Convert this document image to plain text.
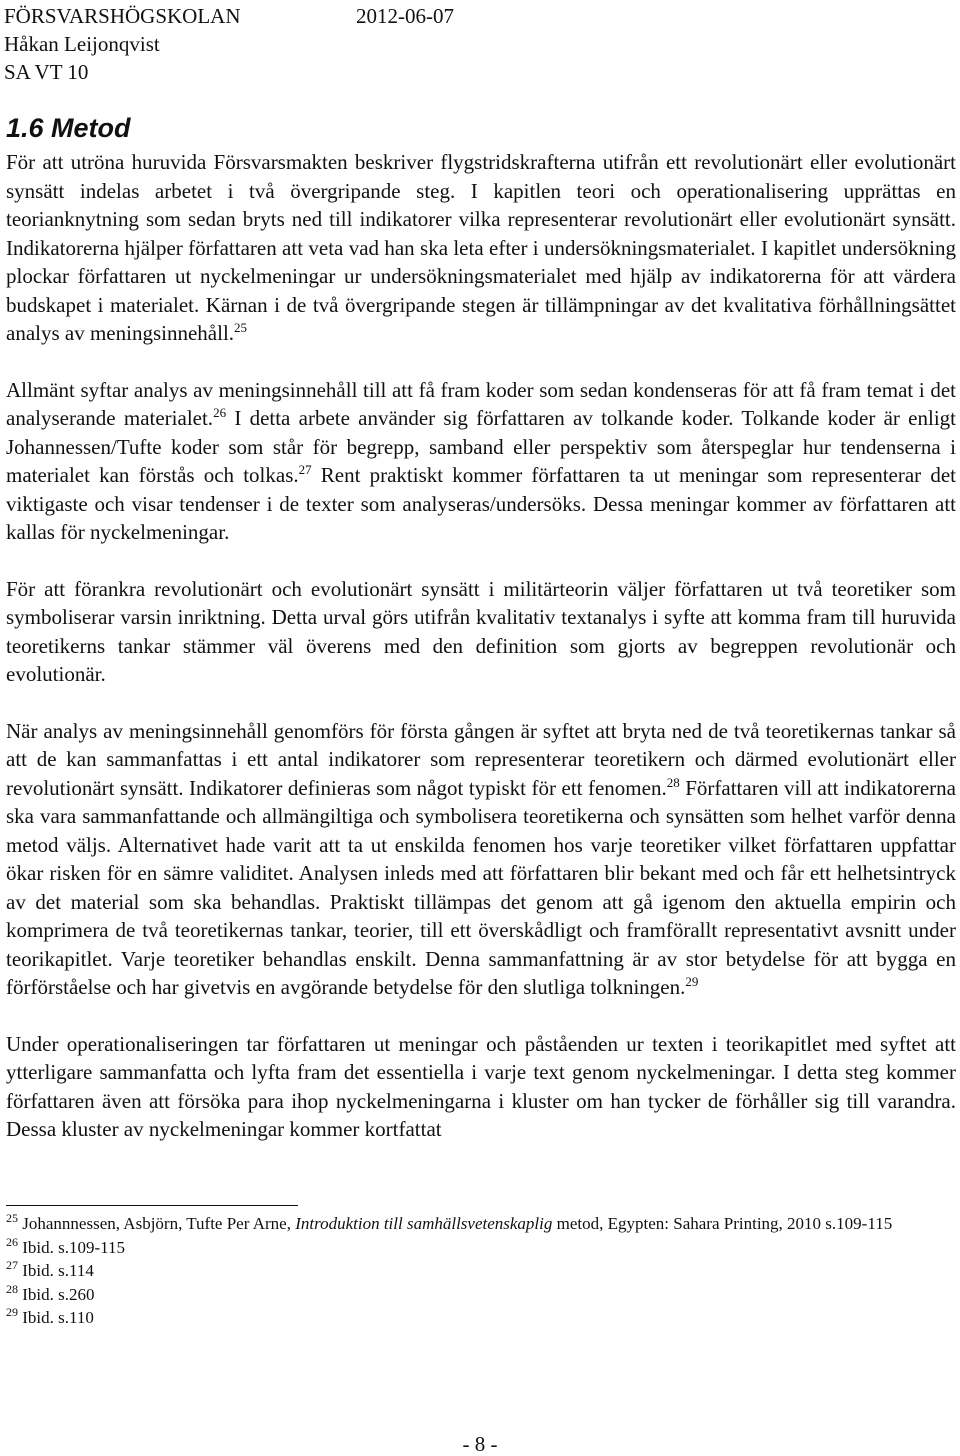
FÖRSVARSHÖGSKOLAN	2012-06-07
Håkan Leijonqvist
SA VT 10
1.6 Metod

För att utröna huruvida Försvarsmakten beskriver flygstridskrafterna utifrån ett revolutionärt eller evolutionärt synsätt indelas arbetet i två övergripande steg. I kapitlen teori och operationalisering upprättas en teorianknytning som sedan bryts ned till indikatorer vilka representerar revolutionärt eller evolutionärt synsätt. Indikatorerna hjälper författaren att veta vad han ska leta efter i undersökningsmaterialet. I kapitlet undersökning plockar författaren ut nyckelmeningar ur undersökningsmaterialet med hjälp av indikatorerna för att värdera budskapet i materialet. Kärnan i de två övergripande stegen är tillämpningar av det kvalitativa förhållningsättet analys av meningsinnehåll.$^{25}$

Allmänt syftar analys av meningsinnehåll till att få fram koder som sedan kondenseras för att få fram temat i det analyserande materialet.$^{26}$ I detta arbete använder sig författaren av tolkande koder. Tolkande koder är enligt Johannessen/Tufte koder som står för begrepp, samband eller perspektiv som återspeglar hur tendenserna i materialet kan förstås och tolkas.$^{27}$ Rent praktiskt kommer författaren ta ut meningar som representerar det viktigaste och visar tendenser i de texter som analyseras/undersöks. Dessa meningar kommer av författaren att kallas för nyckelmeningar.

För att förankra revolutionärt och evolutionärt synsätt i militärteorin väljer författaren ut två teoretiker som symboliserar varsin inriktning. Detta urval görs utifrån kvalitativ textanalys i syfte att komma fram till huruvida teoretikerns tankar stämmer väl överens med den definition som gjorts av begreppen revolutionär och evolutionär.

När analys av meningsinnehåll genomförs för första gången är syftet att bryta ned de två teoretikernas tankar så att de kan sammanfattas i ett antal indikatorer som representerar teoretikern och därmed evolutionärt eller revolutionärt synsätt. Indikatorer definieras som något typiskt för ett fenomen.$^{28}$ Författaren vill att indikatorerna ska vara sammanfattande och allmängiltiga och symbolisera teoretikerna och synsätten som helhet varför denna metod väljs. Alternativet hade varit att ta ut enskilda fenomen hos varje teoretiker vilket författaren uppfattar ökar risken för en sämre validitet. Analysen inleds med att författaren blir bekant med och får ett helhetsintryck av det material som ska behandlas. Praktiskt tillämpas det genom att gå igenom den aktuella empirin och komprimera de två teoretikernas tankar, teorier, till ett överskådligt och framförallt representativt avsnitt under teorikapitlet. Varje teoretiker behandlas enskilt. Denna sammanfattning är av stor betydelse för att bygga en förförståelse och har givetvis en avgörande betydelse för den slutliga tolkningen.$^{29}$

Under operationaliseringen tar författaren ut meningar och påståenden ur texten i teorikapitlet med syftet att ytterligare sammanfatta och lyfta fram det essentiella i varje text genom nyckelmeningar. I detta steg kommer författaren även att försöka para ihop nyckelmeningarna i kluster om han tycker de förhåller sig till varandra. Dessa kluster av nyckelmeningar kommer kortfattat

$^{25}$ Johannnessen, Asbjörn, Tufte Per Arne, Introduktion till samhällsvetenskaplig metod, Egypten: Sahara Printing, 2010 s.109-115

$^{26}$ Ibid. s.109-115

$^{27}$ Ibid. s.114

$^{28}$ Ibid. s.260

$^{29}$ Ibid. s.110

- 8 -
